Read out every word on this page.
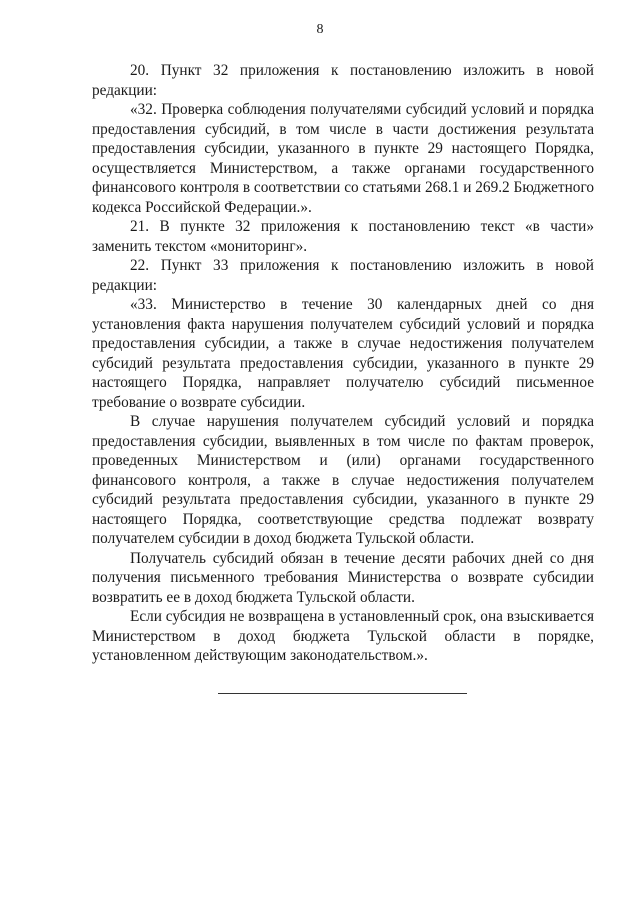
8

20. Пункт 32 приложения к постановлению изложить в новой редакции:

«32. Проверка соблюдения получателями субсидий условий и порядка предоставления субсидий, в том числе в части достижения результата предоставления субсидии, указанного в пункте 29 настоящего Порядка, осуществляется Министерством, а также органами государственного финансового контроля в соответствии со статьями 268.1 и 269.2 Бюджетного кодекса Российской Федерации.».

21. В пункте 32 приложения к постановлению текст «в части» заменить текстом «мониторинг».

22. Пункт 33 приложения к постановлению изложить в новой редакции:

«33. Министерство в течение 30 календарных дней со дня установления факта нарушения получателем субсидий условий и порядка предоставления субсидии, а также в случае недостижения получателем субсидий результата предоставления субсидии, указанного в пункте 29 настоящего Порядка, направляет получателю субсидий письменное требование о возврате субсидии.

В случае нарушения получателем субсидий условий и порядка предоставления субсидии, выявленных в том числе по фактам проверок, проведенных Министерством и (или) органами государственного финансового контроля, а также в случае недостижения получателем субсидий результата предоставления субсидии, указанного в пункте 29 настоящего Порядка, соответствующие средства подлежат возврату получателем субсидии в доход бюджета Тульской области.

Получатель субсидий обязан в течение десяти рабочих дней со дня получения письменного требования Министерства о возврате субсидии возвратить ее в доход бюджета Тульской области.

Если субсидия не возвращена в установленный срок, она взыскивается Министерством в доход бюджета Тульской области в порядке, установленном действующим законодательством.».
